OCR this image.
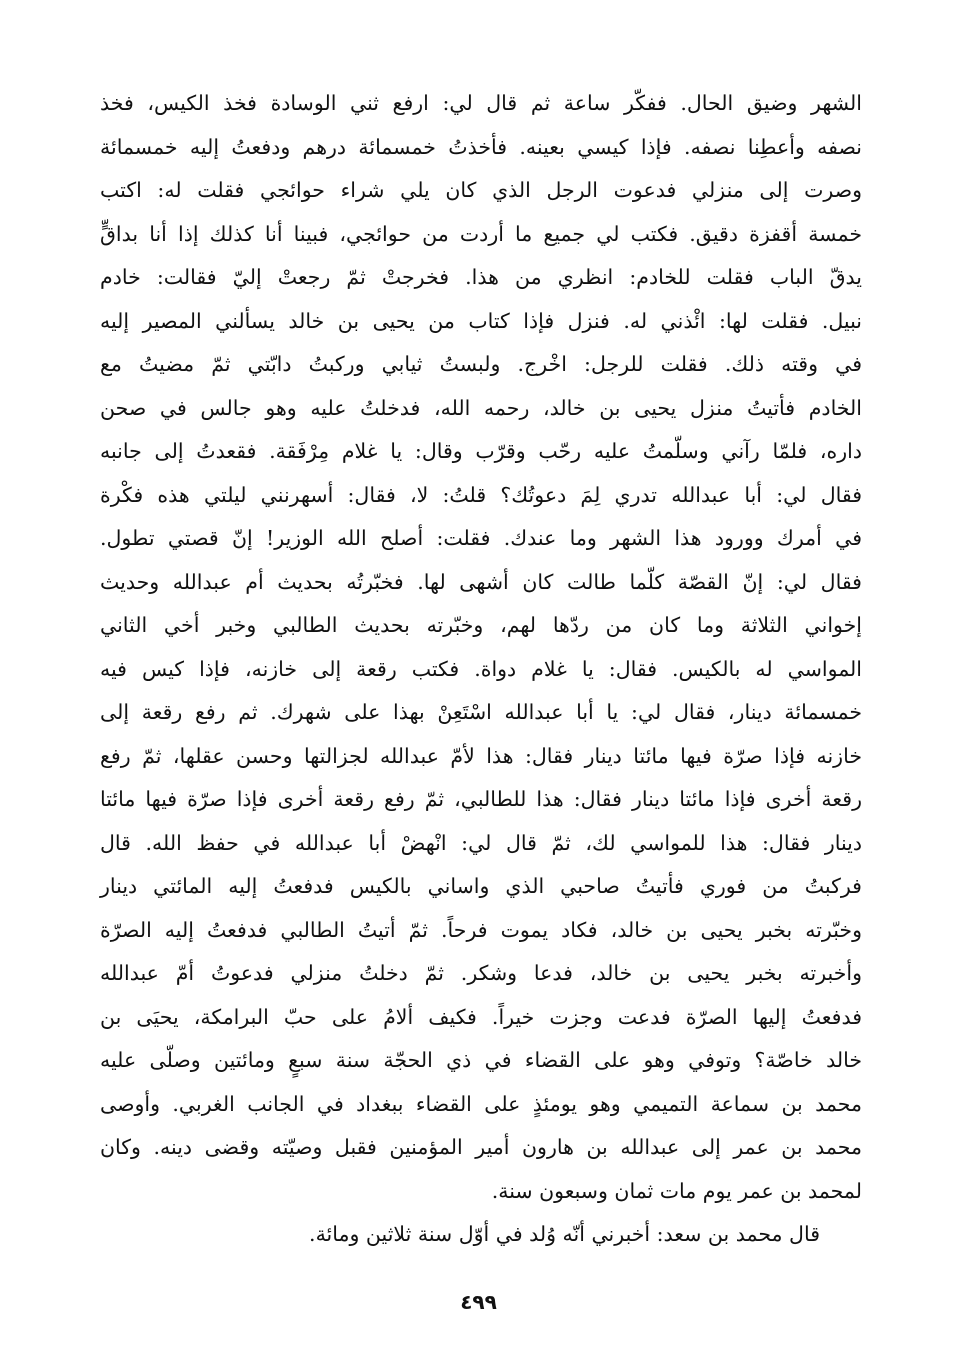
الشهر وضيق الحال. ففكّر ساعة ثم قال لي: ارفع ثني الوسادة فخذ الكيس، فخذ
نصفه وأعطِنا نصفه. فإذا كيسي بعينه. فأخذتُ خمسمائة درهم ودفعتُ إليه خمسمائة
وصرت إلى منزلي فدعوت الرجل الذي كان يلي شراء حوائجي فقلت له: اكتب
خمسة أقفزة دقيق. فكتب لي جميع ما أردت من حوائجي، فبينا أنا كذلك إذا أنا بداقٍّ
يدقّ الباب فقلت للخادم: انظري من هذا. فخرجتْ ثمّ رجعتْ إليّ فقالت: خادم
نبيل. فقلت لها: ائْذني له. فنزل فإذا كتاب من يحيى بن خالد يسألني المصير إليه
في وقته ذلك. فقلت للرجل: اخْرج. ولبستُ ثيابي وركبتُ دابّتي ثمّ مضيتُ مع
الخادم فأتيتُ منزل يحيى بن خالد، رحمه الله، فدخلتُ عليه وهو جالس في صحن
داره، فلمّا رآني وسلّمتُ عليه رحّب وقرّب وقال: يا غلام مِرْفَقة. فقعدتُ إلى جانبه
فقال لي: أبا عبدالله تدري لِمَ دعوتُك؟ قلتُ: لا، فقال: أسهرنني ليلتي هذه فكْرة
في أمرك وورود هذا الشهر وما عندك. فقلت: أصلح الله الوزير! إنّ قصتي تطول.
فقال لي: إنّ القصّة كلّما طالت كان أشهى لها. فخبّرتُه بحديث أم عبدالله وحديث
إخواني الثلاثة وما كان من ردّها لهم، وخبّرته بحديث الطالبي وخبر أخي الثاني
المواسي له بالكيس. فقال: يا غلام دواة. فكتب رقعة إلى خازنه، فإذا كيس فيه
خمسمائة دينار، فقال لي: يا أبا عبدالله اسْتَعِنْ بهذا على شهرك. ثم رفع رقعة إلى
خازنه فإذا صرّة فيها مائتا دينار فقال: هذا لأمّ عبدالله لجزالتها وحسن عقلها، ثمّ رفع
رقعة أخرى فإذا مائتا دينار فقال: هذا للطالبي، ثمّ رفع رقعة أخرى فإذا صرّة فيها مائتا
دينار فقال: هذا للمواسي لك، ثمّ قال لي: انْهضْ أبا عبدالله في حفظ الله. قال
فركبتُ من فوري فأتيتُ صاحبي الذي واساني بالكيس فدفعتُ إليه المائتي دينار
وخبّرته بخبر يحيى بن خالد، فكاد يموت فرحاً. ثمّ أتيتُ الطالبي فدفعتُ إليه الصرّة
وأخبرته بخبر يحيى بن خالد، فدعا وشكر. ثمّ دخلتُ منزلي فدعوتُ أمّ عبدالله
فدفعتُ إليها الصرّة فدعت وجزت خيراً. فكيف ألامُ على حبّ البرامكة، يحيَى بن
خالد خاصّة؟ وتوفي وهو على القضاء في ذي الحجّة سنة سبعٍ ومائتين وصلّى عليه
محمد بن سماعة التميمي وهو يومئذٍ على القضاء ببغداد في الجانب الغربي. وأوصى
محمد بن عمر إلى عبدالله بن هارون أمير المؤمنين فقبل وصيّته وقضى دينه. وكان
لمحمد بن عمر يوم مات ثمان وسبعون سنة.
قال محمد بن سعد: أخبرني أنّه وُلد في أوّل سنة ثلاثين ومائة.
٤٩٩
